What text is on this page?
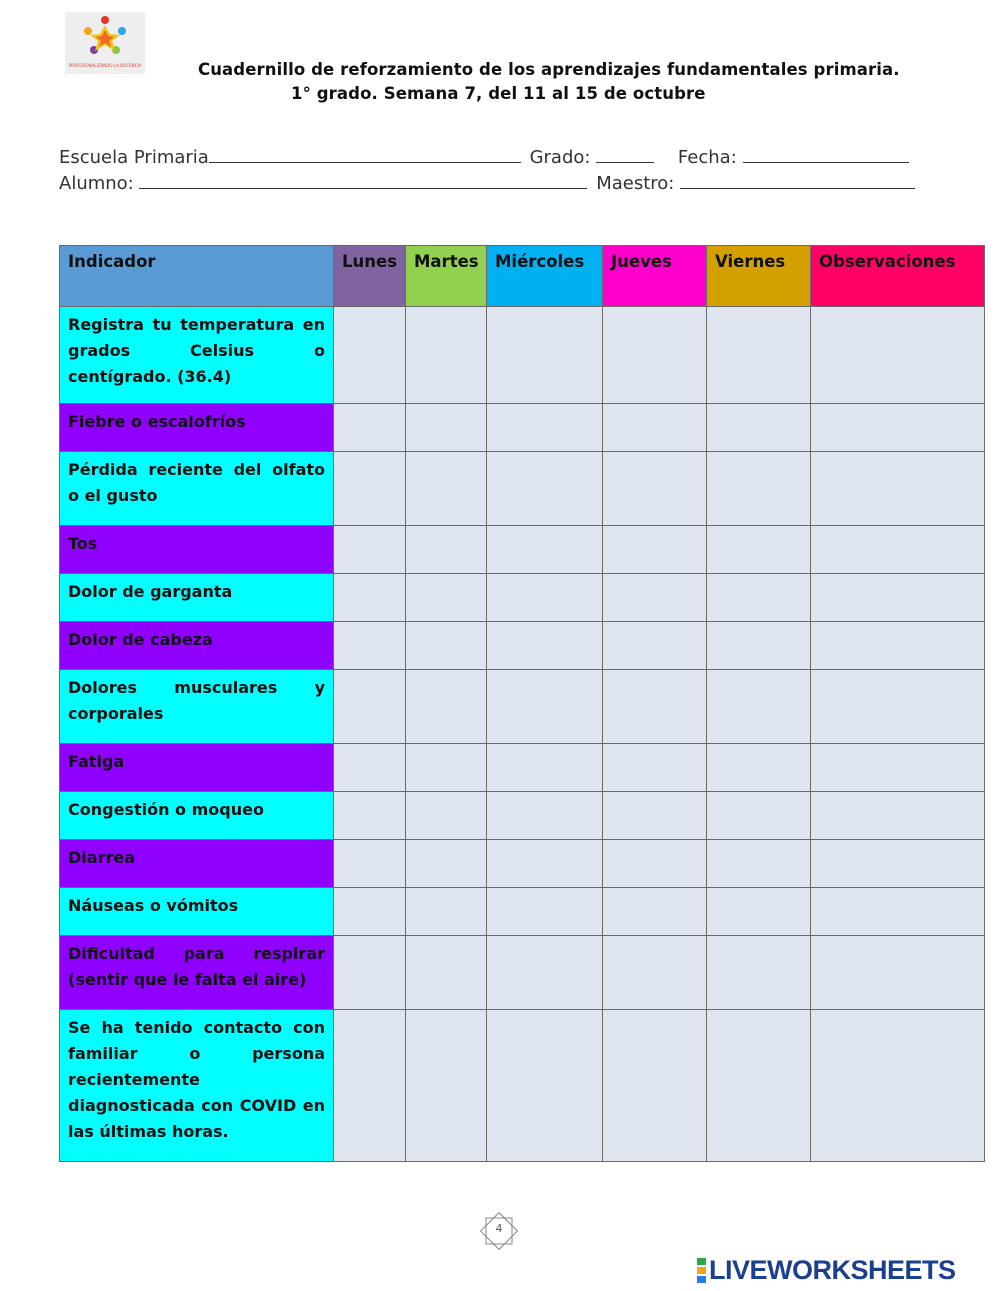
PROFESIONALIZANDO LA DOCENCIA	Cuadernillo de reforzamiento de los aprendizajes fundamentales primaria.
1° grado. Semana 7, del 11 al 15 de octubre
Escuela Primaria	Grado:	Fecha:
Alumno:	Maestro:
Indicador	Lunes	Martes	Miércoles	Jueves	Viernes	Observaciones
Registra tu temperatura en grados Celsius o centígrado. (36.4)						
Fiebre o escalofríos						
Pérdida reciente del olfato o el gusto						
Tos						
Dolor de garganta						
Dolor de cabeza						
Dolores musculares y corporales						
Fatiga						
Congestión o moqueo						
Diarrea						
Náuseas o vómitos						
Dificultad para respirar (sentir que le falta el aire)						
Se ha tenido contacto con familiar o persona recientemente diagnosticada con COVID en las últimas horas.						
4
LIVEWORKSHEETS
